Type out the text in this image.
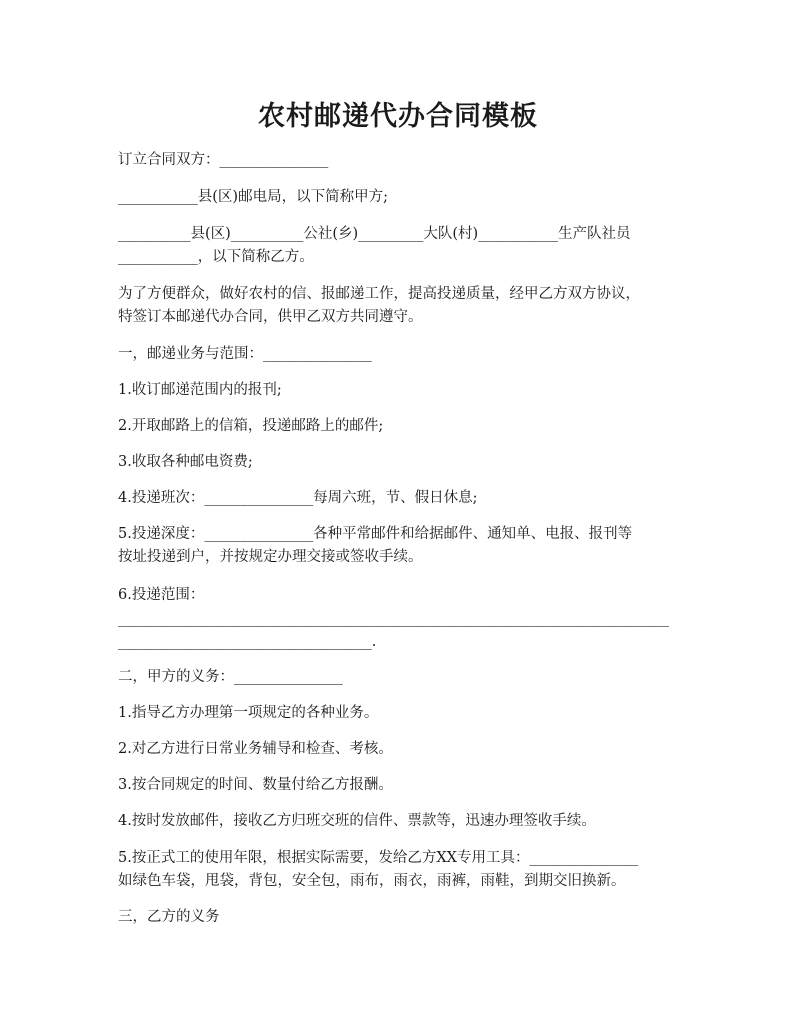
农村邮递代办合同模板

订立合同双方：_______________

___________县(区)邮电局，以下简称甲方;

__________县(区)__________公社(乡)_________大队(村)___________生产队社员

___________，以下简称乙方。

为了方便群众，做好农村的信、报邮递工作，提高投递质量，经甲乙方双方协议，

特签订本邮递代办合同，供甲乙双方共同遵守。

一，邮递业务与范围：_______________

1.收订邮递范围内的报刊;

2.开取邮路上的信箱，投递邮路上的邮件;

3.收取各种邮电资费;

4.投递班次：_______________每周六班，节、假日休息;

5.投递深度：_______________各种平常邮件和给据邮件、通知单、电报、报刊等

按址投递到户，并按规定办理交接或签收手续。

6.投递范围：

____________________________________________________________________________

___________________________________.

二，甲方的义务：_______________

1.指导乙方办理第一项规定的各种业务。

2.对乙方进行日常业务辅导和检查、考核。

3.按合同规定的时间、数量付给乙方报酬。

4.按时发放邮件，接收乙方归班交班的信件、票款等，迅速办理签收手续。

5.按正式工的使用年限，根据实际需要，发给乙方XX专用工具：_______________

如绿色车袋，甩袋，背包，安全包，雨布，雨衣，雨裤，雨鞋，到期交旧换新。

三，乙方的义务
